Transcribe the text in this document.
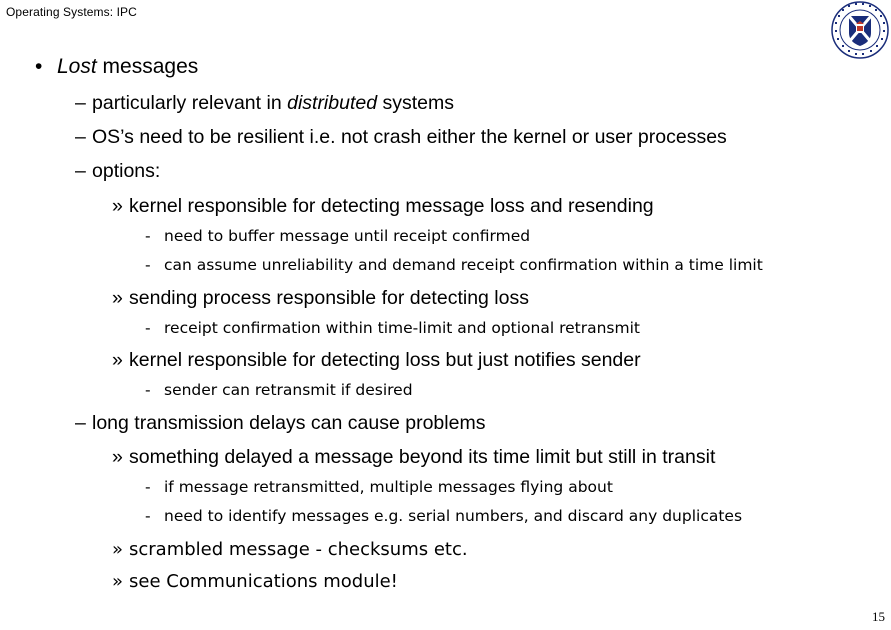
Operating Systems: IPC
• Lost messages
– particularly relevant in distributed systems
– OS’s need to be resilient i.e. not crash either the kernel or user processes
– options:
» kernel responsible for detecting message loss and resending
- need to buffer message until receipt confirmed
- can assume unreliability and demand receipt confirmation within a time limit
» sending process responsible for detecting loss
- receipt confirmation within time-limit and optional retransmit
» kernel responsible for detecting loss but just notifies sender
- sender can retransmit if desired
– long transmission delays can cause problems
» something delayed a message beyond its time limit but still in transit
- if message retransmitted, multiple messages flying about
- need to identify messages e.g. serial numbers, and discard any duplicates
» scrambled message - checksums etc.
» see Communications module!
15
